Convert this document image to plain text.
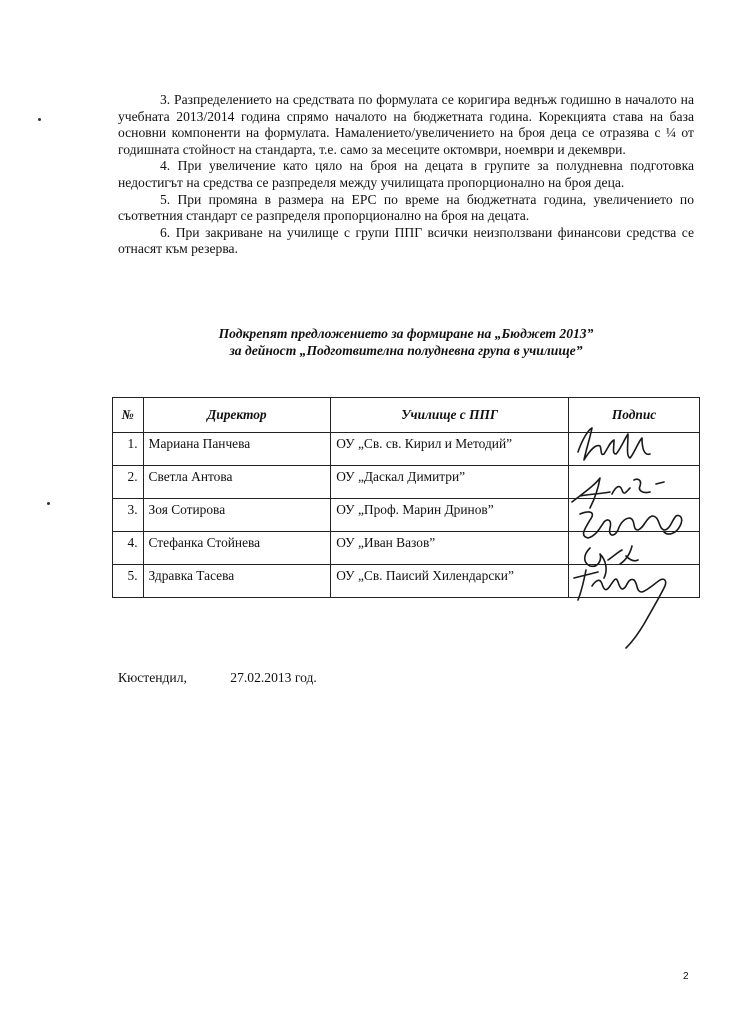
3. Разпределението на средствата по формулата се коригира веднъж годишно в началото на учебната 2013/2014 година спрямо началото на бюджетната година. Корекцията става на база основни компоненти на формулата. Намалението/увеличението на броя деца се отразява с ¼ от годишната стойност на стандарта, т.е. само за месеците октомври, ноември и декември.

4. При увеличение като цяло на броя на децата в групите за полудневна подготовка недостигът на средства се разпределя между училищата пропорционално на броя деца.

5. При промяна в размера на ЕРС по време на бюджетната година, увеличението по съответния стандарт се разпределя пропорционално на броя на децата.

6. При закриване на училище с групи ППГ всички неизползвани финансови средства се отнасят към резерва.

Подкрепят предложението за формиране на „Бюджет 2013”
за дейност „Подготвителна полудневна група в училище”
№	Директор	Училище с ППГ	Подпис
1.	Мариана Панчева	ОУ „Св. св. Кирил и Методий”	
2.	Светла Антова	ОУ „Даскал Димитри”	
3.	Зоя Сотирова	ОУ „Проф. Марин Дринов”	
4.	Стефанка Стойнева	ОУ „Иван Вазов”	
5.	Здравка Тасева	ОУ „Св. Паисий Хилендарски”	
Кюстендил,	27.02.2013 год.
2
